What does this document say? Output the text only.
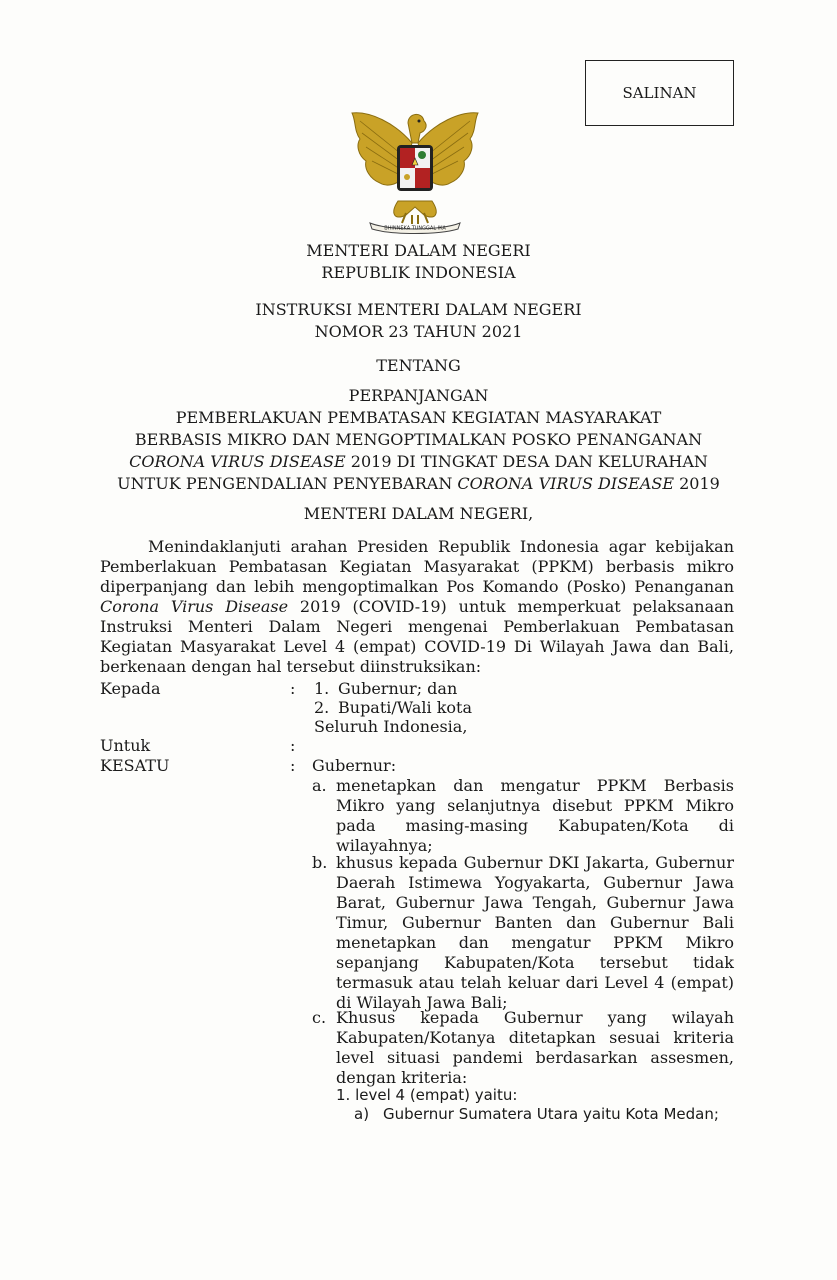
SALINAN
BHINNEKA TUNGGAL IKA
MENTERI DALAM NEGERI
REPUBLIK INDONESIA
INSTRUKSI MENTERI DALAM NEGERI
NOMOR 23 TAHUN 2021
TENTANG
PERPANJANGAN
PEMBERLAKUAN PEMBATASAN KEGIATAN MASYARAKAT
BERBASIS MIKRO DAN MENGOPTIMALKAN POSKO PENANGANAN
CORONA VIRUS DISEASE 2019 DI TINGKAT DESA DAN KELURAHAN
UNTUK PENGENDALIAN PENYEBARAN CORONA VIRUS DISEASE 2019
MENTERI DALAM NEGERI,
Menindaklanjuti arahan Presiden Republik Indonesia agar kebijakan Pemberlakuan Pembatasan Kegiatan Masyarakat (PPKM) berbasis mikro diperpanjang dan lebih mengoptimalkan Pos Komando (Posko) Penanganan Corona Virus Disease 2019 (COVID-19) untuk memperkuat pelaksanaan Instruksi Menteri Dalam Negeri mengenai Pemberlakuan Pembatasan Kegiatan Masyarakat Level 4 (empat) COVID-19 Di Wilayah Jawa dan Bali, berkenaan dengan hal tersebut diinstruksikan:
Kepada	: 1. Gubernur; dan
2. Bupati/Wali kota
Seluruh Indonesia,
Untuk	:
KESATU	: Gubernur:
a. menetapkan dan mengatur PPKM Berbasis Mikro yang selanjutnya disebut PPKM Mikro pada masing-masing Kabupaten/Kota di wilayahnya;
b. khusus kepada Gubernur DKI Jakarta, Gubernur Daerah Istimewa Yogyakarta, Gubernur Jawa Barat, Gubernur Jawa Tengah, Gubernur Jawa Timur, Gubernur Banten dan Gubernur Bali menetapkan dan mengatur PPKM Mikro sepanjang Kabupaten/Kota tersebut tidak termasuk atau telah keluar dari Level 4 (empat) di Wilayah Jawa Bali;
c. Khusus kepada Gubernur yang wilayah Kabupaten/Kotanya ditetapkan sesuai kriteria level situasi pandemi berdasarkan assesmen, dengan kriteria:
1. level 4 (empat) yaitu:
a) Gubernur Sumatera Utara yaitu Kota Medan;
